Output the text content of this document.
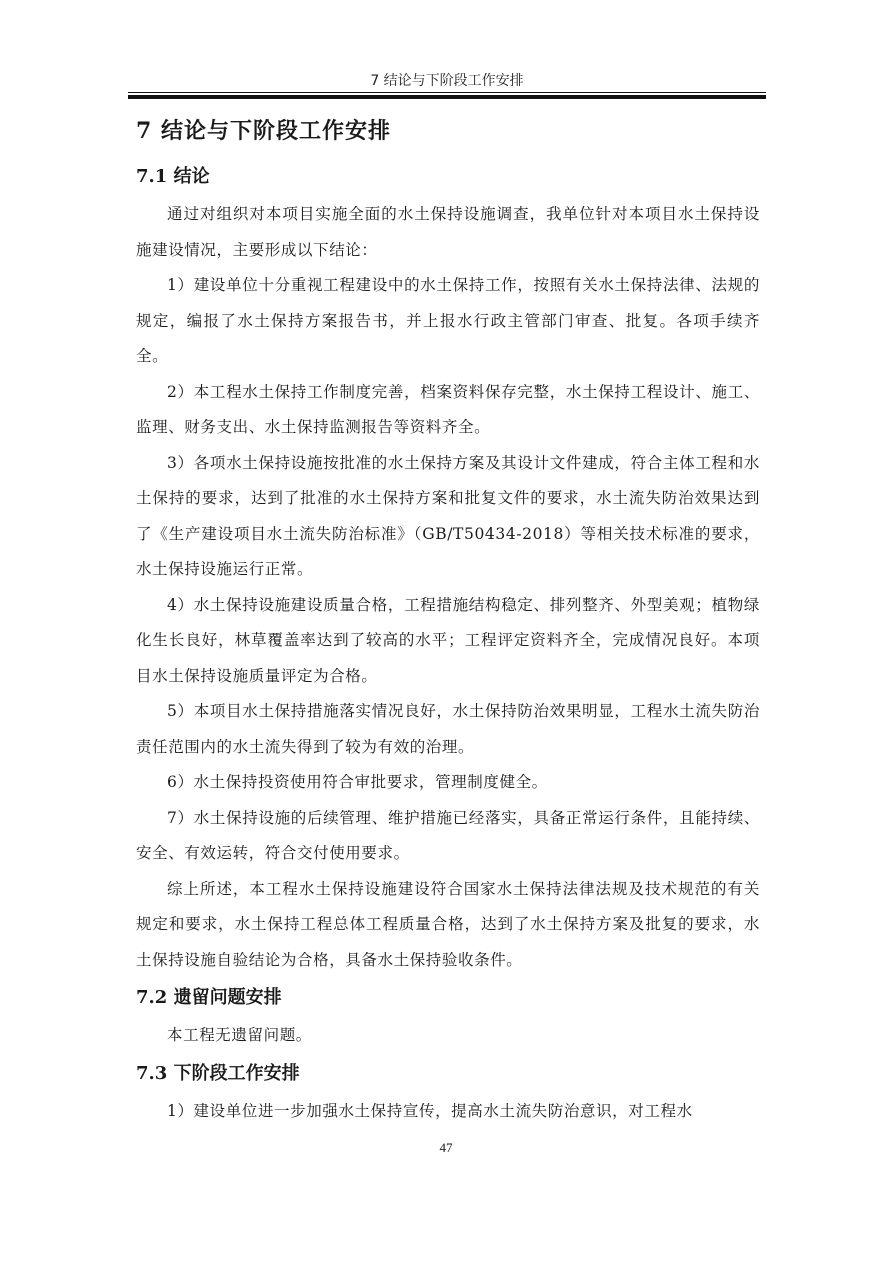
7 结论与下阶段工作安排
7 结论与下阶段工作安排
7.1 结论

通过对组织对本项目实施全面的水土保持设施调查，我单位针对本项目水土保持设施建设情况，主要形成以下结论：

1）建设单位十分重视工程建设中的水土保持工作，按照有关水土保持法律、法规的规定，编报了水土保持方案报告书，并上报水行政主管部门审查、批复。各项手续齐全。

2）本工程水土保持工作制度完善，档案资料保存完整，水土保持工程设计、施工、监理、财务支出、水土保持监测报告等资料齐全。

3）各项水土保持设施按批准的水土保持方案及其设计文件建成，符合主体工程和水土保持的要求，达到了批准的水土保持方案和批复文件的要求，水土流失防治效果达到了《生产建设项目水土流失防治标准》（GB/T50434-2018）等相关技术标准的要求，水土保持设施运行正常。

4）水土保持设施建设质量合格，工程措施结构稳定、排列整齐、外型美观；植物绿化生长良好，林草覆盖率达到了较高的水平；工程评定资料齐全，完成情况良好。本项目水土保持设施质量评定为合格。

5）本项目水土保持措施落实情况良好，水土保持防治效果明显，工程水土流失防治责任范围内的水土流失得到了较为有效的治理。

6）水土保持投资使用符合审批要求，管理制度健全。

7）水土保持设施的后续管理、维护措施已经落实，具备正常运行条件，且能持续、安全、有效运转，符合交付使用要求。

综上所述，本工程水土保持设施建设符合国家水土保持法律法规及技术规范的有关规定和要求，水土保持工程总体工程质量合格，达到了水土保持方案及批复的要求，水土保持设施自验结论为合格，具备水土保持验收条件。

7.2 遗留问题安排

本工程无遗留问题。

7.3 下阶段工作安排

1）建设单位进一步加强水土保持宣传，提高水土流失防治意识，对工程水

47
